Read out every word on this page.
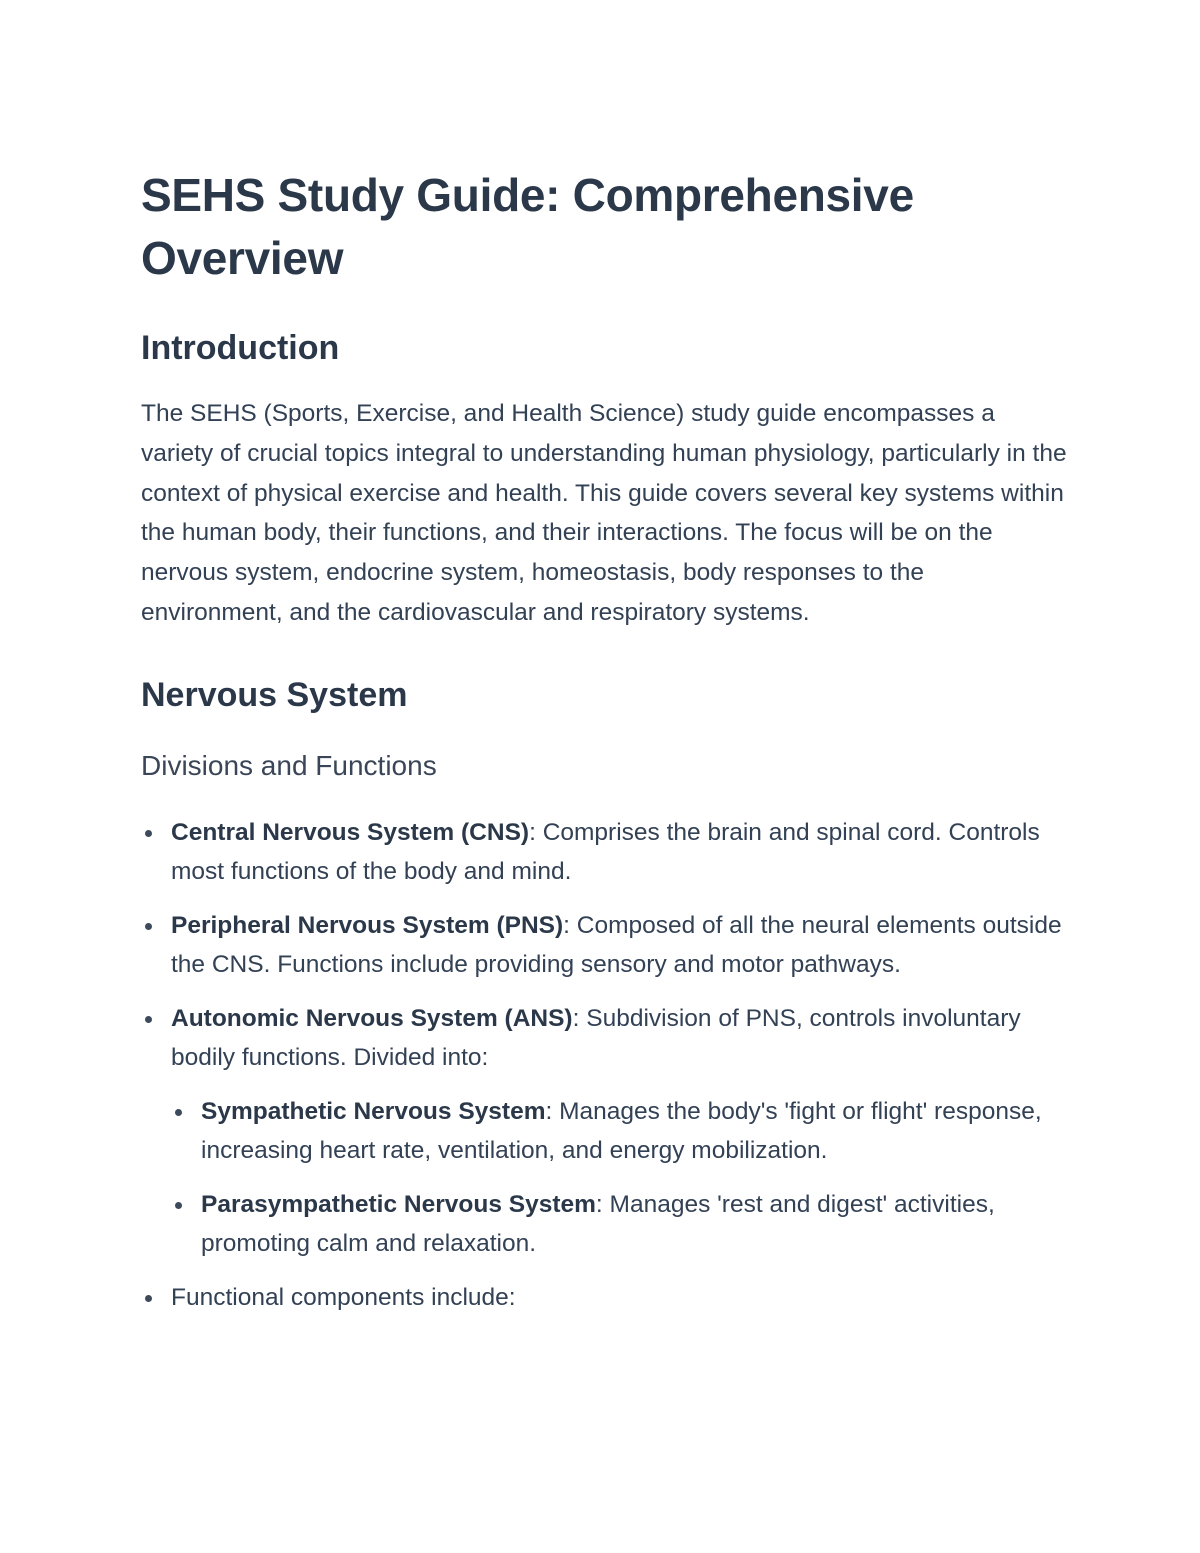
SEHS Study Guide: Comprehensive Overview
Introduction

The SEHS (Sports, Exercise, and Health Science) study guide encompasses a variety of crucial topics integral to understanding human physiology, particularly in the context of physical exercise and health. This guide covers several key systems within the human body, their functions, and their interactions. The focus will be on the nervous system, endocrine system, homeostasis, body responses to the environment, and the cardiovascular and respiratory systems.

Nervous System
Divisions and Functions
Central Nervous System (CNS): Comprises the brain and spinal cord. Controls most functions of the body and mind.
Peripheral Nervous System (PNS): Composed of all the neural elements outside the CNS. Functions include providing sensory and motor pathways.
Autonomic Nervous System (ANS): Subdivision of PNS, controls involuntary bodily functions. Divided into:
Sympathetic Nervous System: Manages the body's 'fight or flight' response, increasing heart rate, ventilation, and energy mobilization.
Parasympathetic Nervous System: Manages 'rest and digest' activities, promoting calm and relaxation.
Functional components include:
